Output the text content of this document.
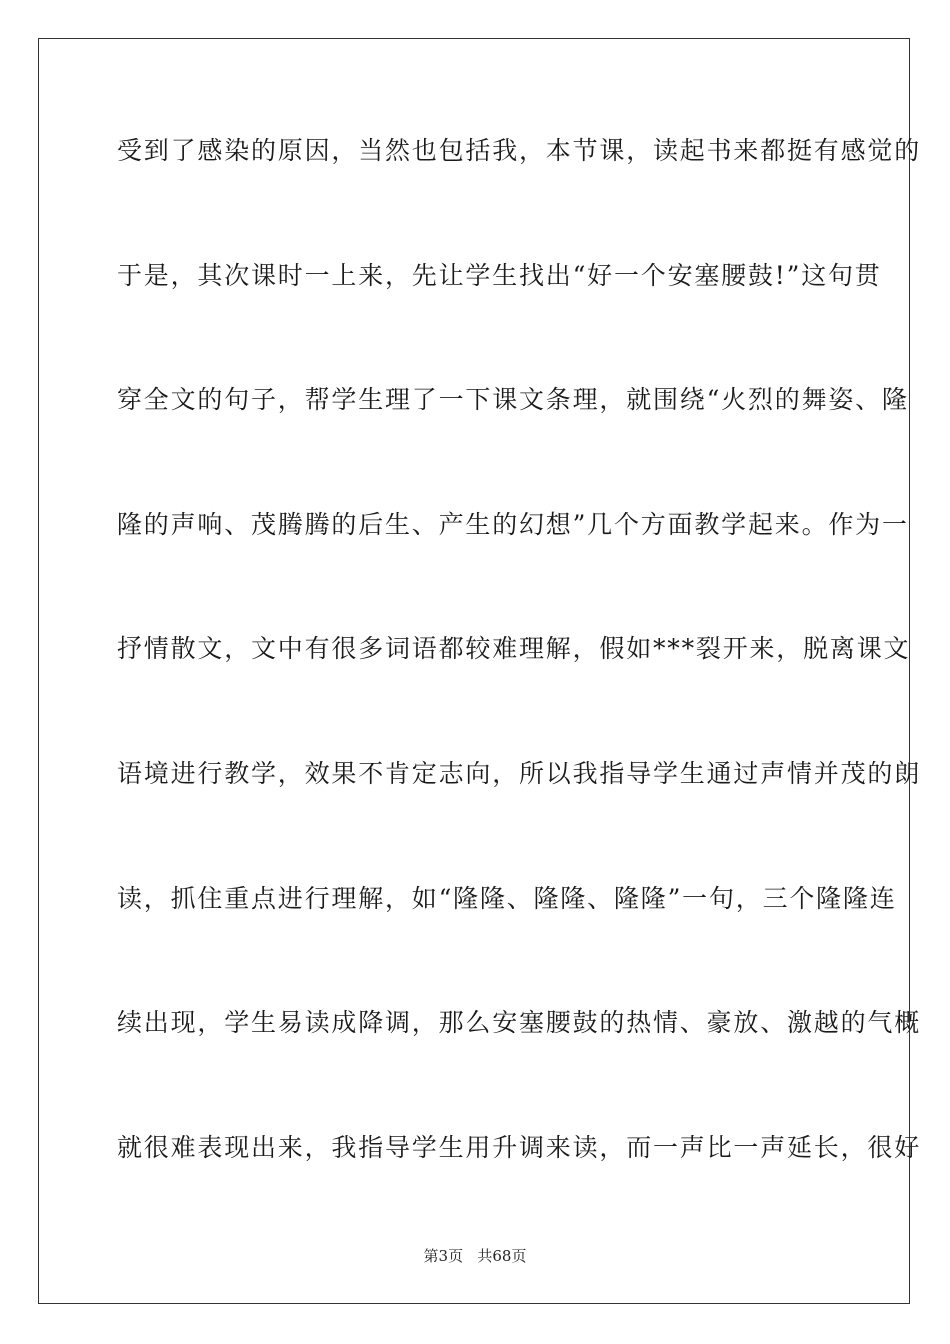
受到了感染的原因，当然也包括我，本节课，读起书来都挺有感觉的
于是，其次课时一上来，先让学生找出“好一个安塞腰鼓!”这句贯
穿全文的句子，帮学生理了一下课文条理，就围绕“火烈的舞姿、隆
隆的声响、茂腾腾的后生、产生的幻想”几个方面教学起来。作为一
抒情散文，文中有很多词语都较难理解，假如***裂开来，脱离课文
语境进行教学，效果不肯定志向，所以我指导学生通过声情并茂的朗
读，抓住重点进行理解，如“隆隆、隆隆、隆隆”一句，三个隆隆连
续出现，学生易读成降调，那么安塞腰鼓的热情、豪放、激越的气概
就很难表现出来，我指导学生用升调来读，而一声比一声延长，很好
第3页   共68页
